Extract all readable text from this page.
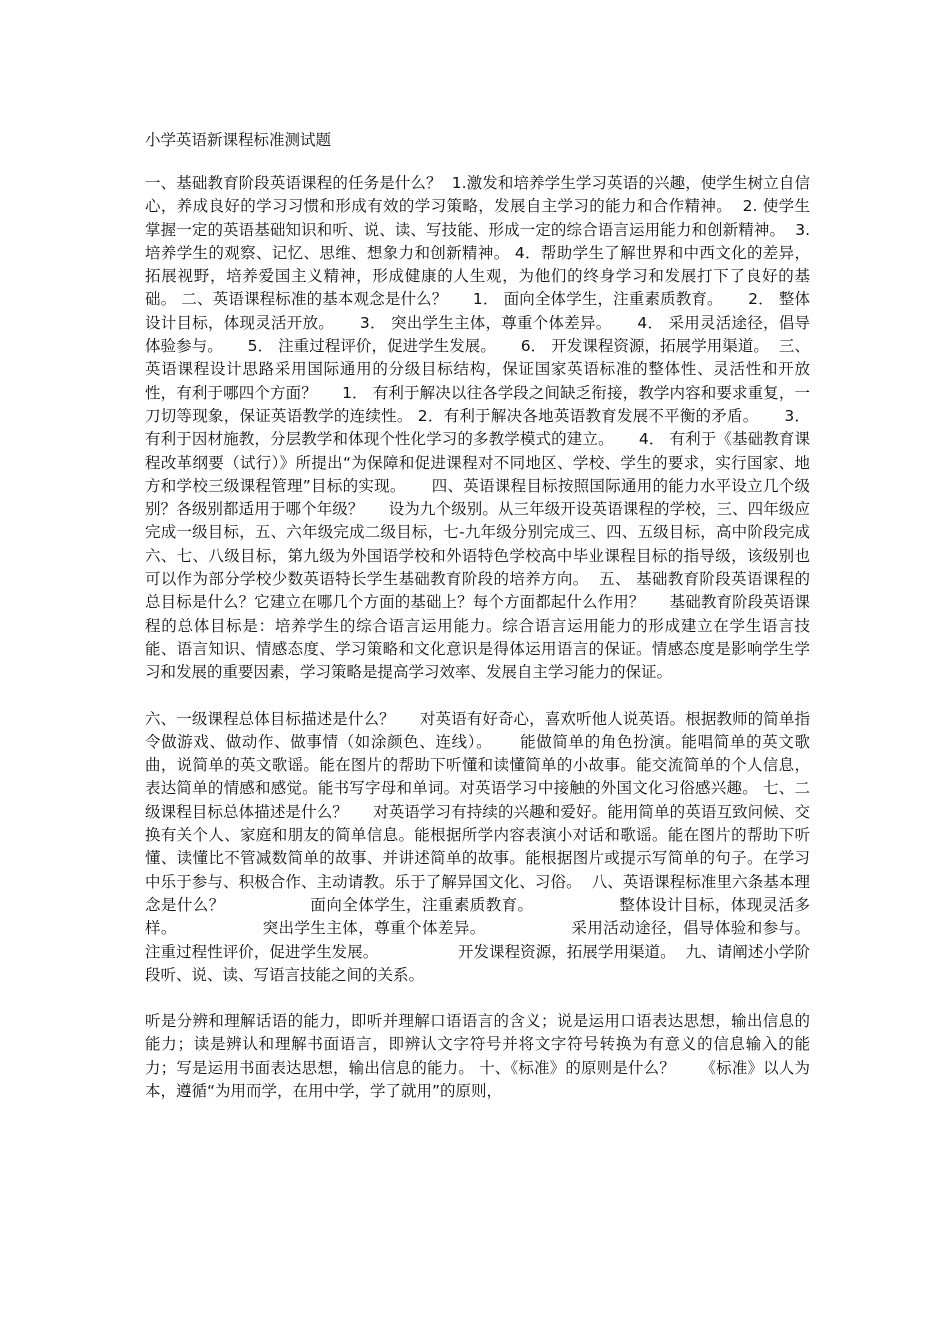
小学英语新课程标准测试题

一、基础教育阶段英语课程的任务是什么？  1.激发和培养学生学习英语的兴趣，使学生树立自信心，养成良好的学习习惯和形成有效的学习策略，发展自主学习的能力和合作精神。  2. 使学生掌握一定的英语基础知识和听、说、读、写技能、形成一定的综合语言运用能力和创新精神。  3. 培养学生的观察、记忆、思维、想象力和创新精神。 4．帮助学生了解世界和中西文化的差异，拓展视野，培养爱国主义精神，形成健康的人生观，为他们的终身学习和发展打下了良好的基础。 二、英语课程标准的基本观念是什么？     1． 面向全体学生，注重素质教育。     2． 整体设计目标，体现灵活开放。     3． 突出学生主体，尊重个体差异。     4． 采用灵活途径，倡导体验参与。     5． 注重过程评价，促进学生发展。     6． 开发课程资源，拓展学用渠道。  三、 英语课程设计思路采用国际通用的分级目标结构，保证国家英语标准的整体性、灵活性和开放性，有利于哪四个方面？     1． 有利于解决以往各学段之间缺乏衔接，教学内容和要求重复，一刀切等现象，保证英语教学的连续性。 2．有利于解决各地英语教育发展不平衡的矛盾。     3．有利于因材施教，分层教学和体现个性化学习的多教学模式的建立。     4． 有利于《基础教育课程改革纲要（试行）》所提出“为保障和促进课程对不同地区、学校、学生的要求，实行国家、地方和学校三级课程管理”目标的实现。     四、英语课程目标按照国际通用的能力水平设立几个级别？各级别都适用于哪个年级？     设为九个级别。从三年级开设英语课程的学校，三、四年级应完成一级目标，五、六年级完成二级目标，七-九年级分别完成三、四、五级目标，高中阶段完成六、七、八级目标，第九级为外国语学校和外语特色学校高中毕业课程目标的指导级，该级别也可以作为部分学校少数英语特长学生基础教育阶段的培养方向。  五、 基础教育阶段英语课程的总目标是什么？它建立在哪几个方面的基础上？每个方面都起什么作用？     基础教育阶段英语课程的总体目标是：培养学生的综合语言运用能力。综合语言运用能力的形成建立在学生语言技能、语言知识、情感态度、学习策略和文化意识是得体运用语言的保证。情感态度是影响学生学习和发展的重要因素，学习策略是提高学习效率、发展自主学习能力的保证。

六、一级课程总体目标描述是什么？     对英语有好奇心，喜欢听他人说英语。根据教师的简单指令做游戏、做动作、做事情（如涂颜色、连线）。     能做简单的角色扮演。能唱简单的英文歌曲，说简单的英文歌谣。能在图片的帮助下听懂和读懂简单的小故事。能交流简单的个人信息，表达简单的情感和感觉。能书写字母和单词。对英语学习中接触的外国文化习俗感兴趣。 七、二级课程目标总体描述是什么？     对英语学习有持续的兴趣和爱好。能用简单的英语互致问候、交换有关个人、家庭和朋友的简单信息。能根据所学内容表演小对话和歌谣。能在图片的帮助下听懂、读懂比不管减数简单的故事、并讲述简单的故事。能根据图片或提示写简单的句子。在学习中乐于参与、积极合作、主动请教。乐于了解异国文化、习俗。  八、英语课程标准里六条基本理念是什么？                面向全体学生，注重素质教育。                整体设计目标，体现灵活多样。                突出学生主体，尊重个体差异。                采用活动途径，倡导体验和参与。                注重过程性评价，促进学生发展。                开发课程资源，拓展学用渠道。  九、请阐述小学阶段听、说、读、写语言技能之间的关系。

听是分辨和理解话语的能力，即听并理解口语语言的含义；说是运用口语表达思想，输出信息的能力；读是辨认和理解书面语言，即辨认文字符号并将文字符号转换为有意义的信息输入的能力；写是运用书面表达思想，输出信息的能力。 十、《标准》的原则是什么？     《标准》以人为本，遵循“为用而学，在用中学，学了就用”的原则，
